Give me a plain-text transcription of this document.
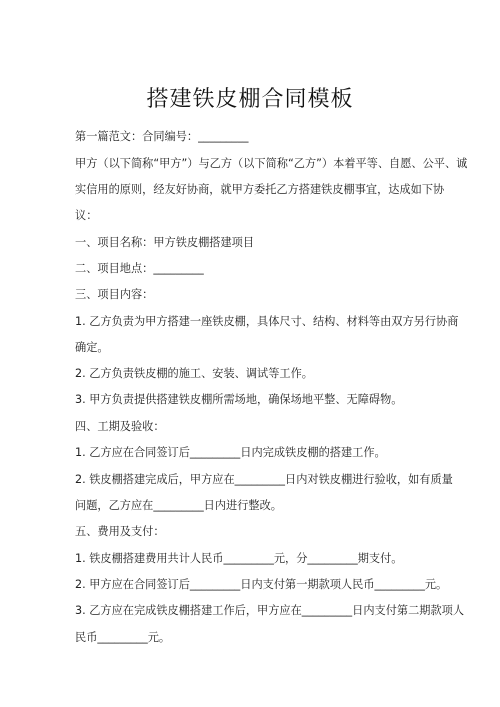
搭建铁皮棚合同模板
第一篇范文：合同编号：_________
甲方（以下简称“甲方”）与乙方（以下简称“乙方”）本着平等、自愿、公平、诚
实信用的原则，经友好协商，就甲方委托乙方搭建铁皮棚事宜，达成如下协
议：
一、项目名称：甲方铁皮棚搭建项目
二、项目地点：_________
三、项目内容：
1. 乙方负责为甲方搭建一座铁皮棚，具体尺寸、结构、材料等由双方另行协商
确定。
2. 乙方负责铁皮棚的施工、安装、调试等工作。
3. 甲方负责提供搭建铁皮棚所需场地，确保场地平整、无障碍物。
四、工期及验收：
1. 乙方应在合同签订后_________日内完成铁皮棚的搭建工作。
2. 铁皮棚搭建完成后，甲方应在_________日内对铁皮棚进行验收，如有质量
问题，乙方应在_________日内进行整改。
五、费用及支付：
1. 铁皮棚搭建费用共计人民币_________元，分_________期支付。
2. 甲方应在合同签订后_________日内支付第一期款项人民币_________元。
3. 乙方应在完成铁皮棚搭建工作后，甲方应在_________日内支付第二期款项人
民币_________元。
